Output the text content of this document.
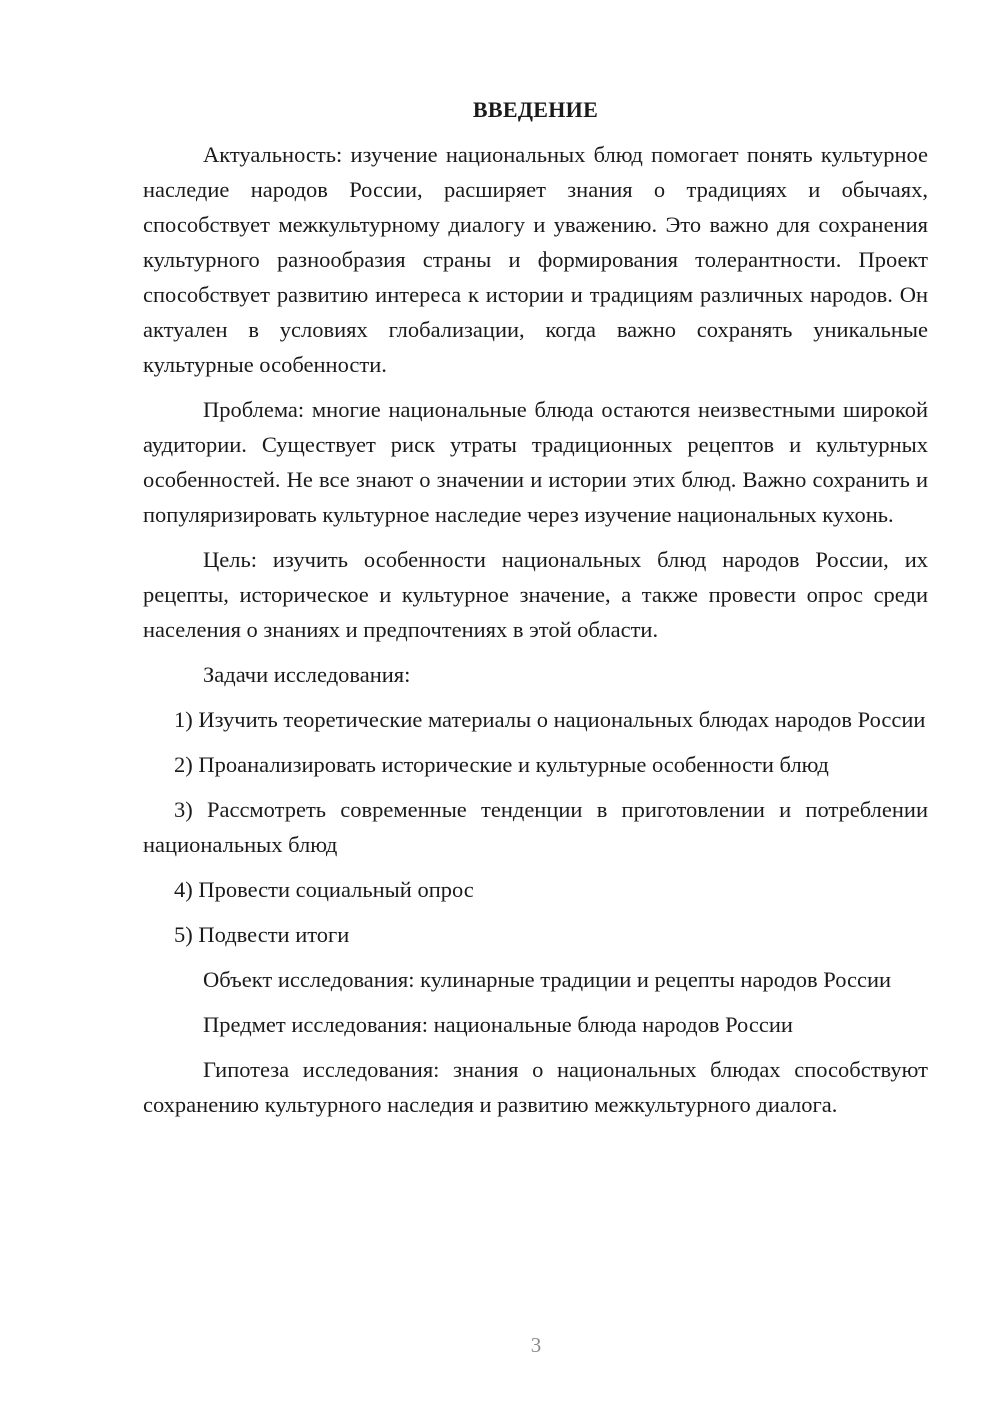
ВВЕДЕНИЕ

Актуальность: изучение национальных блюд помогает понять культурное наследие народов России, расширяет знания о традициях и обычаях, способствует межкультурному диалогу и уважению. Это важно для сохранения культурного разнообразия страны и формирования толерантности. Проект способствует развитию интереса к истории и традициям различных народов. Он актуален в условиях глобализации, когда важно сохранять уникальные культурные особенности.

Проблема: многие национальные блюда остаются неизвестными широкой аудитории. Существует риск утраты традиционных рецептов и культурных особенностей. Не все знают о значении и истории этих блюд. Важно сохранить и популяризировать культурное наследие через изучение национальных кухонь.

Цель: изучить особенности национальных блюд народов России, их рецепты, историческое и культурное значение, а также провести опрос среди населения о знаниях и предпочтениях в этой области.

Задачи исследования:

1) Изучить теоретические материалы о национальных блюдах народов России

2) Проанализировать исторические и культурные особенности блюд

3) Рассмотреть современные тенденции в приготовлении и потреблении национальных блюд

4) Провести социальный опрос

5) Подвести итоги

Объект исследования: кулинарные традиции и рецепты народов России

Предмет исследования: национальные блюда народов России

Гипотеза исследования: знания о национальных блюдах способствуют сохранению культурного наследия и развитию межкультурного диалога.

3
